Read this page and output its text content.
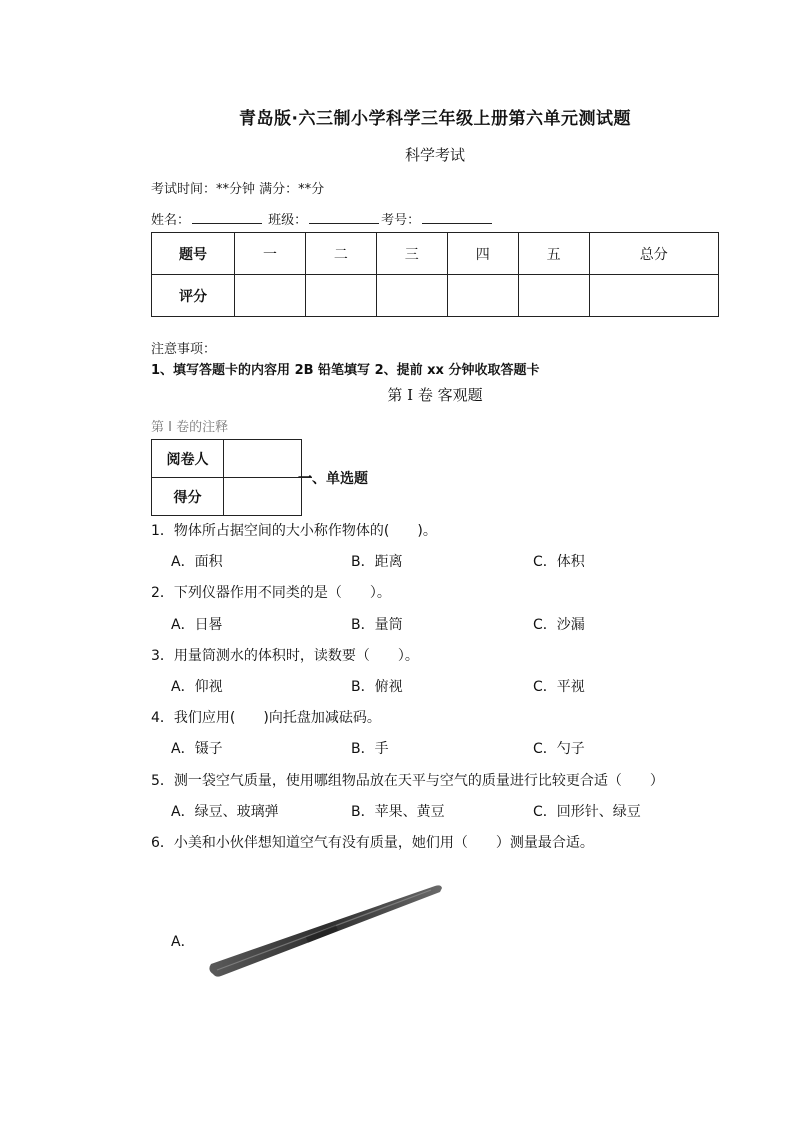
青岛版·六三制小学科学三年级上册第六单元测试题
科学考试
考试时间：**分钟 满分：**分
姓名：	班级：	考号：
题号	一	二	三	四	五	总分
评分						
注意事项：
1、填写答题卡的内容用 2B 铅笔填写 2、提前 xx 分钟收取答题卡
第 I 卷 客观题
第 I 卷的注释
阅卷人	
得分	
一、单选题
1．物体所占据空间的大小称作物体的(　　)。
A．面积	B．距离	C．体积
2．下列仪器作用不同类的是（　　）。
A．日晷	B．量筒	C．沙漏
3．用量筒测水的体积时，读数要（　　）。
A．仰视	B．俯视	C．平视
4．我们应用(　　)向托盘加减砝码。
A．镊子	B．手	C．勺子
5．测一袋空气质量，使用哪组物品放在天平与空气的质量进行比较更合适（　　）
A．绿豆、玻璃弹	B．苹果、黄豆	C．回形针、绿豆
6．小美和小伙伴想知道空气有没有质量，她们用（　　）测量最合适。
A．
